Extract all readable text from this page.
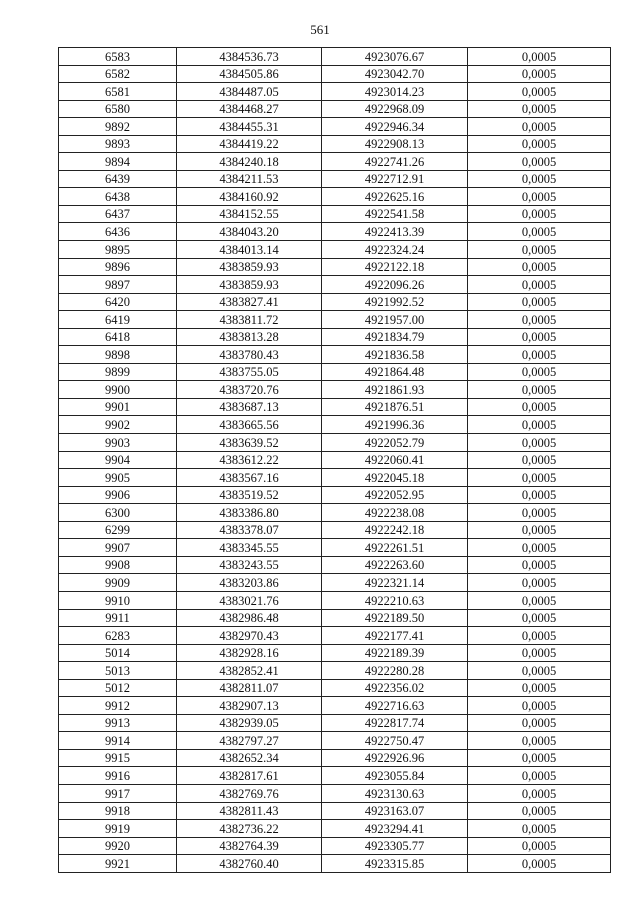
561
6583	4384536.73	4923076.67	0,0005
6582	4384505.86	4923042.70	0,0005
6581	4384487.05	4923014.23	0,0005
6580	4384468.27	4922968.09	0,0005
9892	4384455.31	4922946.34	0,0005
9893	4384419.22	4922908.13	0,0005
9894	4384240.18	4922741.26	0,0005
6439	4384211.53	4922712.91	0,0005
6438	4384160.92	4922625.16	0,0005
6437	4384152.55	4922541.58	0,0005
6436	4384043.20	4922413.39	0,0005
9895	4384013.14	4922324.24	0,0005
9896	4383859.93	4922122.18	0,0005
9897	4383859.93	4922096.26	0,0005
6420	4383827.41	4921992.52	0,0005
6419	4383811.72	4921957.00	0,0005
6418	4383813.28	4921834.79	0,0005
9898	4383780.43	4921836.58	0,0005
9899	4383755.05	4921864.48	0,0005
9900	4383720.76	4921861.93	0,0005
9901	4383687.13	4921876.51	0,0005
9902	4383665.56	4921996.36	0,0005
9903	4383639.52	4922052.79	0,0005
9904	4383612.22	4922060.41	0,0005
9905	4383567.16	4922045.18	0,0005
9906	4383519.52	4922052.95	0,0005
6300	4383386.80	4922238.08	0,0005
6299	4383378.07	4922242.18	0,0005
9907	4383345.55	4922261.51	0,0005
9908	4383243.55	4922263.60	0,0005
9909	4383203.86	4922321.14	0,0005
9910	4383021.76	4922210.63	0,0005
9911	4382986.48	4922189.50	0,0005
6283	4382970.43	4922177.41	0,0005
5014	4382928.16	4922189.39	0,0005
5013	4382852.41	4922280.28	0,0005
5012	4382811.07	4922356.02	0,0005
9912	4382907.13	4922716.63	0,0005
9913	4382939.05	4922817.74	0,0005
9914	4382797.27	4922750.47	0,0005
9915	4382652.34	4922926.96	0,0005
9916	4382817.61	4923055.84	0,0005
9917	4382769.76	4923130.63	0,0005
9918	4382811.43	4923163.07	0,0005
9919	4382736.22	4923294.41	0,0005
9920	4382764.39	4923305.77	0,0005
9921	4382760.40	4923315.85	0,0005
